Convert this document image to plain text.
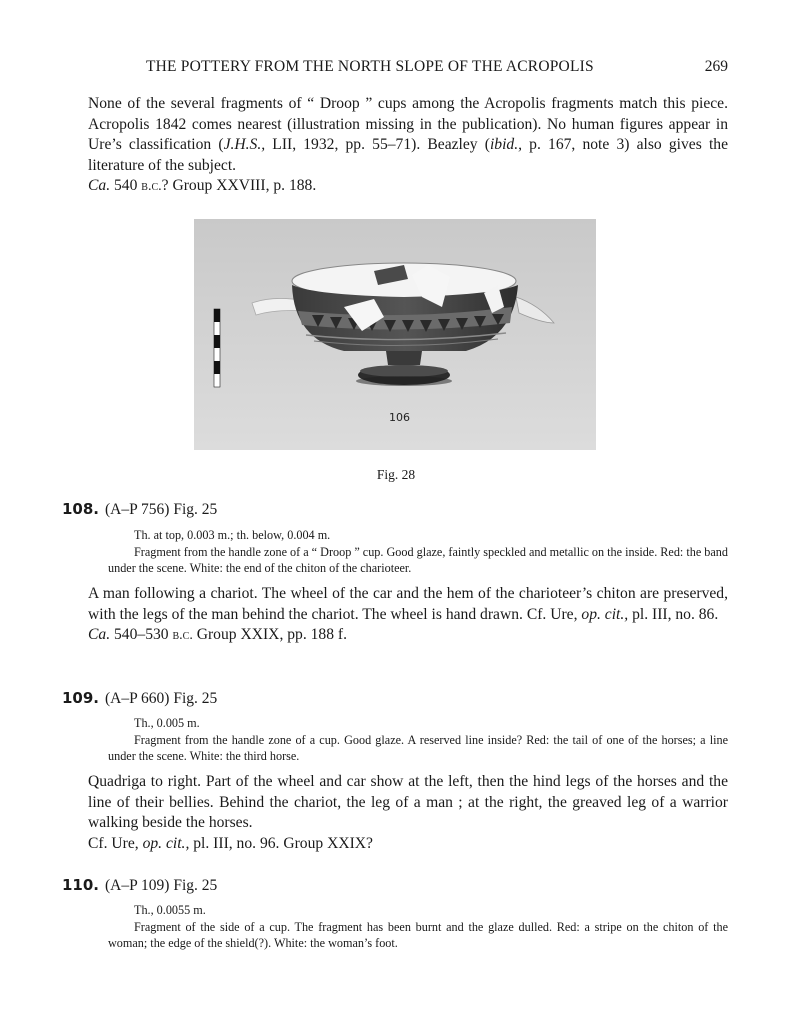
THE POTTERY FROM THE NORTH SLOPE OF THE ACROPOLIS	269

None of the several fragments of “ Droop ” cups among the Acropolis fragments match this piece. Acropolis 1842 comes nearest (illustration missing in the publication). No human figures appear in Ure’s classification (J.H.S., LII, 1932, pp. 55–71). Beazley (ibid., p. 167, note 3) also gives the literature of the subject.

Ca. 540 b.c.? Group XXVIII, p. 188.

106
Fig. 28
108. (A–P 756) Fig. 25

Th. at top, 0.003 m.; th. below, 0.004 m.

Fragment from the handle zone of a “ Droop ” cup. Good glaze, faintly speckled and metallic on the inside. Red: the band under the scene. White: the end of the chiton of the charioteer.

A man following a chariot. The wheel of the car and the hem of the charioteer’s chiton are preserved, with the legs of the man behind the chariot. The wheel is hand drawn. Cf. Ure, op. cit., pl. III, no. 86.

Ca. 540–530 b.c. Group XXIX, pp. 188 f.

109. (A–P 660) Fig. 25

Th., 0.005 m.

Fragment from the handle zone of a cup. Good glaze. A reserved line inside? Red: the tail of one of the horses; a line under the scene. White: the third horse.

Quadriga to right. Part of the wheel and car show at the left, then the hind legs of the horses and the line of their bellies. Behind the chariot, the leg of a man ; at the right, the greaved leg of a warrior walking beside the horses.

Cf. Ure, op. cit., pl. III, no. 96. Group XXIX?

110. (A–P 109) Fig. 25

Th., 0.0055 m.

Fragment of the side of a cup. The fragment has been burnt and the glaze dulled. Red: a stripe on the chiton of the woman; the edge of the shield(?). White: the woman’s foot.
